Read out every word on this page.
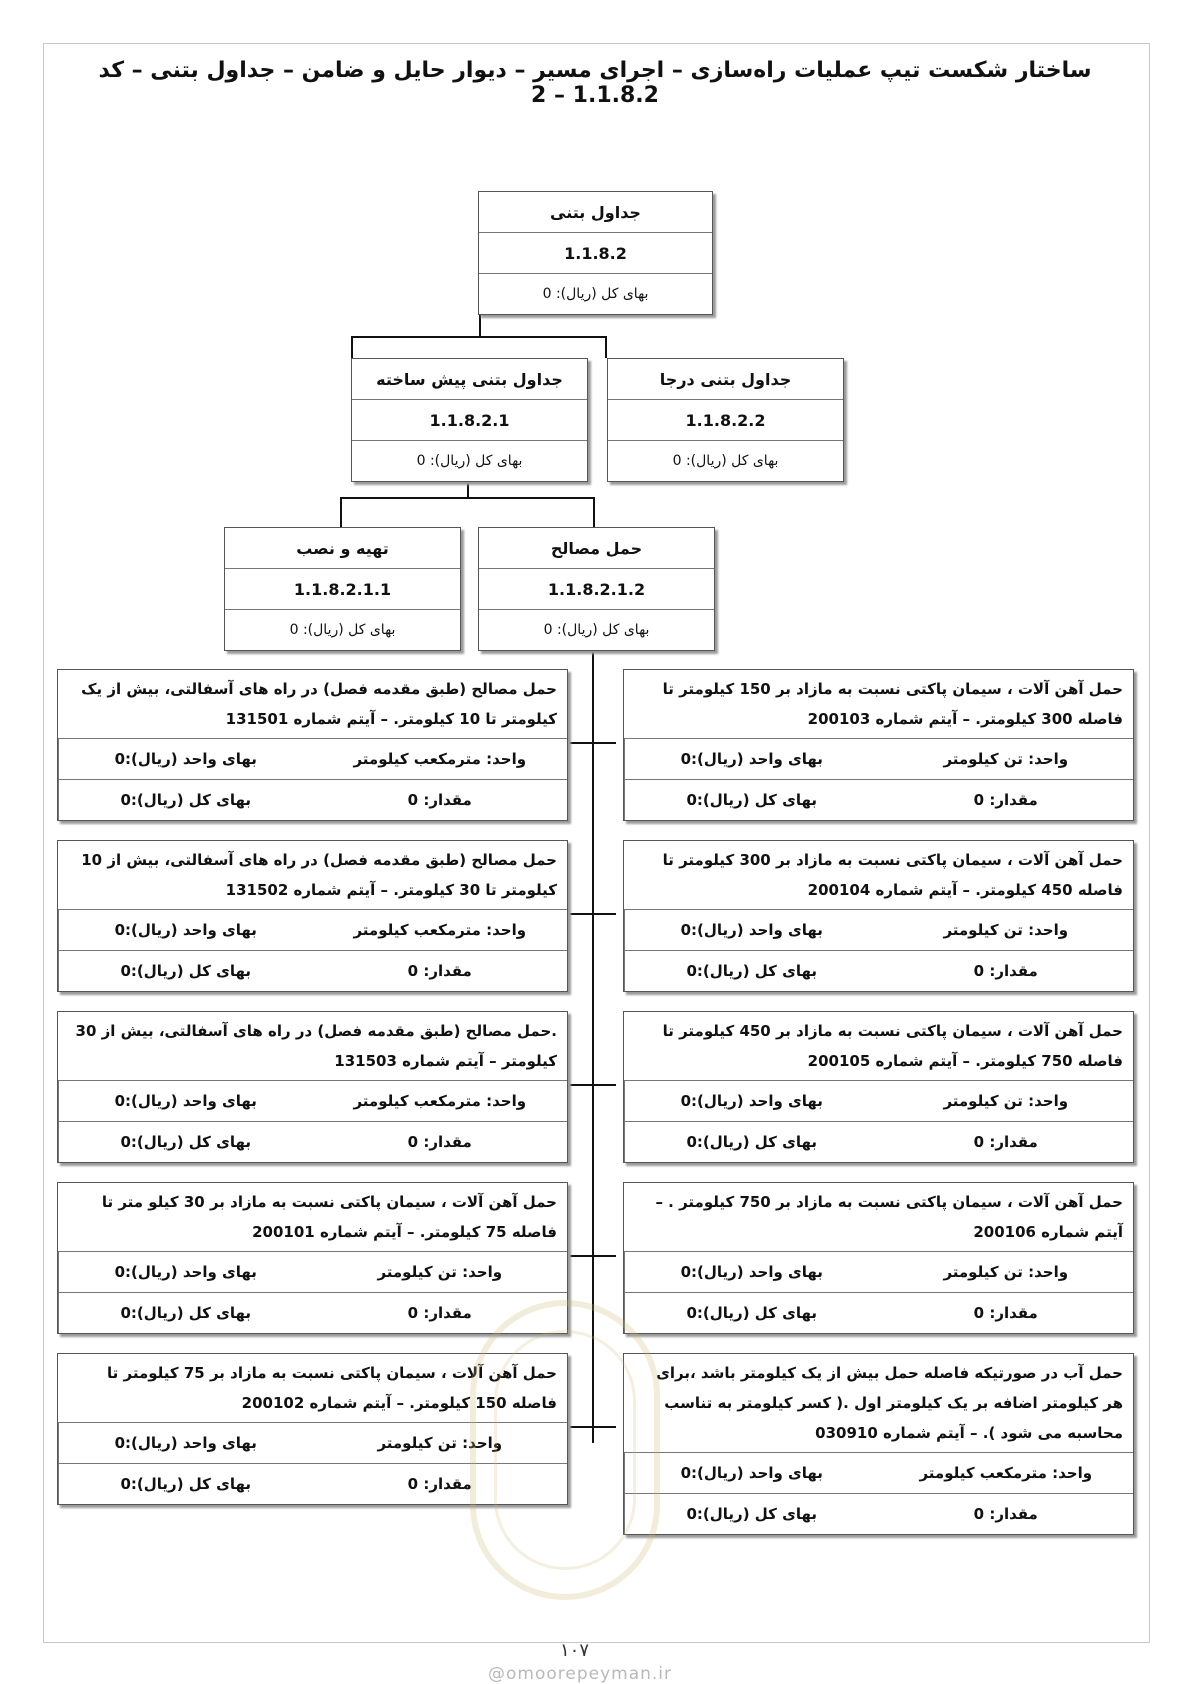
ساختار شکست تیپ عملیات راه‌سازی – اجرای مسیر – دیوار حایل و ضامن – جداول بتنی – کد 1.1.8.2 – 2
جداول بتنی
1.1.8.2
بهای کل (ریال): 0
جداول بتنی پیش ساخته
1.1.8.2.1
بهای کل (ریال): 0
جداول بتنی درجا
1.1.8.2.2
بهای کل (ریال): 0
تهیه و نصب
1.1.8.2.1.1
بهای کل (ریال): 0
حمل مصالح
1.1.8.2.1.2
بهای کل (ریال): 0
حمل مصالح (طبق مقدمه فصل) در راه های آسفالتی، بیش از یک کیلومتر تا 10 کیلومتر. – آیتم شماره 131501
بهای واحد (ریال):0	واحد: مترمکعب کیلومتر
بهای کل (ریال):0	مقدار: 0
حمل آهن آلات ، سیمان پاکتی نسبت به مازاد بر 150 کیلومتر تا فاصله 300 کیلومتر. – آیتم شماره 200103
بهای واحد (ریال):0	واحد: تن کیلومتر
بهای کل (ریال):0	مقدار: 0
حمل مصالح (طبق مقدمه فصل) در راه های آسفالتی، بیش از 10 کیلومتر تا 30 کیلومتر. – آیتم شماره 131502
بهای واحد (ریال):0	واحد: مترمکعب کیلومتر
بهای کل (ریال):0	مقدار: 0
حمل آهن آلات ، سیمان پاکتی نسبت به مازاد بر 300 کیلومتر تا فاصله 450 کیلومتر. – آیتم شماره 200104
بهای واحد (ریال):0	واحد: تن کیلومتر
بهای کل (ریال):0	مقدار: 0
.حمل مصالح (طبق مقدمه فصل) در راه های آسفالتی، بیش از 30 کیلومتر – آیتم شماره 131503
بهای واحد (ریال):0	واحد: مترمکعب کیلومتر
بهای کل (ریال):0	مقدار: 0
حمل آهن آلات ، سیمان پاکتی نسبت به مازاد بر 450 کیلومتر تا فاصله 750 کیلومتر. – آیتم شماره 200105
بهای واحد (ریال):0	واحد: تن کیلومتر
بهای کل (ریال):0	مقدار: 0
حمل آهن آلات ، سیمان پاکتی نسبت به مازاد بر 30 کیلو متر تا فاصله 75 کیلومتر. – آیتم شماره 200101
بهای واحد (ریال):0	واحد: تن کیلومتر
بهای کل (ریال):0	مقدار: 0
حمل آهن آلات ، سیمان پاکتی نسبت به مازاد بر 750 کیلومتر . – آیتم شماره 200106
بهای واحد (ریال):0	واحد: تن کیلومتر
بهای کل (ریال):0	مقدار: 0
حمل آهن آلات ، سیمان پاکتی نسبت به مازاد بر 75 کیلومتر تا فاصله 150 کیلومتر. – آیتم شماره 200102
بهای واحد (ریال):0	واحد: تن کیلومتر
بهای کل (ریال):0	مقدار: 0
حمل آب در صورتیکه فاصله حمل بیش از یک کیلومتر باشد ،برای هر کیلومتر اضافه بر یک کیلومتر اول .( کسر کیلومتر به تناسب محاسبه می شود ). – آیتم شماره 030910
بهای واحد (ریال):0	واحد: مترمکعب کیلومتر
بهای کل (ریال):0	مقدار: 0
۱۰۷
@omoorepeyman.ir
